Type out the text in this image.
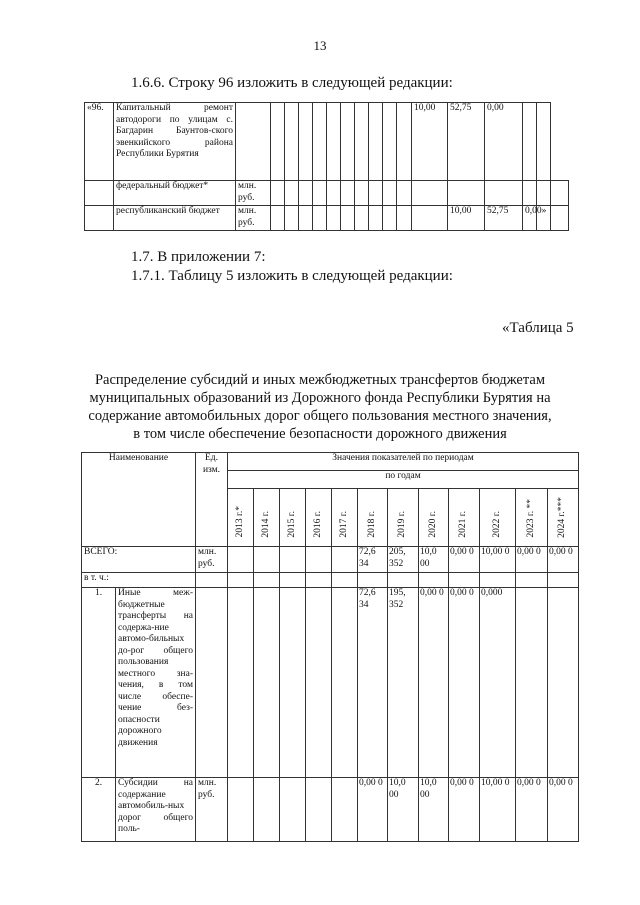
13
1.6.6. Строку 96 изложить в следующей редакции:
«96.	Капитальный ремонт автодороги по улицам с. Багдарин Баунтов-ского эвенкийского района Республики Бурятия												10,00	52,75	0,00			
	федеральный бюджет*	млн. руб.																
	республиканский бюджет	млн. руб.												10,00	52,75	0,00»		
1.7. В приложении 7:
1.7.1. Таблицу 5 изложить в следующей редакции:
«Таблица 5
Распределение субсидий и иных межбюджетных трансфертов бюджетам
муниципальных образований из Дорожного фонда Республики Бурятия на
содержание автомобильных дорог общего пользования местного значения,
в том числе обеспечение безопасности дорожного движения
Наименование		Ед. изм.	Значения показателей по периодам											
			по годам											
			2013 г.*	2014 г.	2015 г.	2016 г.	2017 г.	2018 г.	2019 г.	2020 г.	2021 г.	2022 г.	2023 г. **	2024 г.***
ВСЕГО:		млн. руб.						72,6 34	205, 352	10,0 00	0,00 0	10,00 0	0,00 0	0,00 0
в т. ч.:														
1.	Иные меж-бюджетные трансферты на содержа-ние автомо-бильных до-рог общего пользования местного зна-чения, в том числе обеспе-чение без-опасности дорожного движения							72,6 34	195, 352	0,00 0	0,00 0	0,000		
2.	Субсидии на содержание автомобиль-ных дорог общего поль-	млн. руб.						0,00 0	10,0 00	10,0 00	0,00 0	10,00 0	0,00 0	0,00 0
